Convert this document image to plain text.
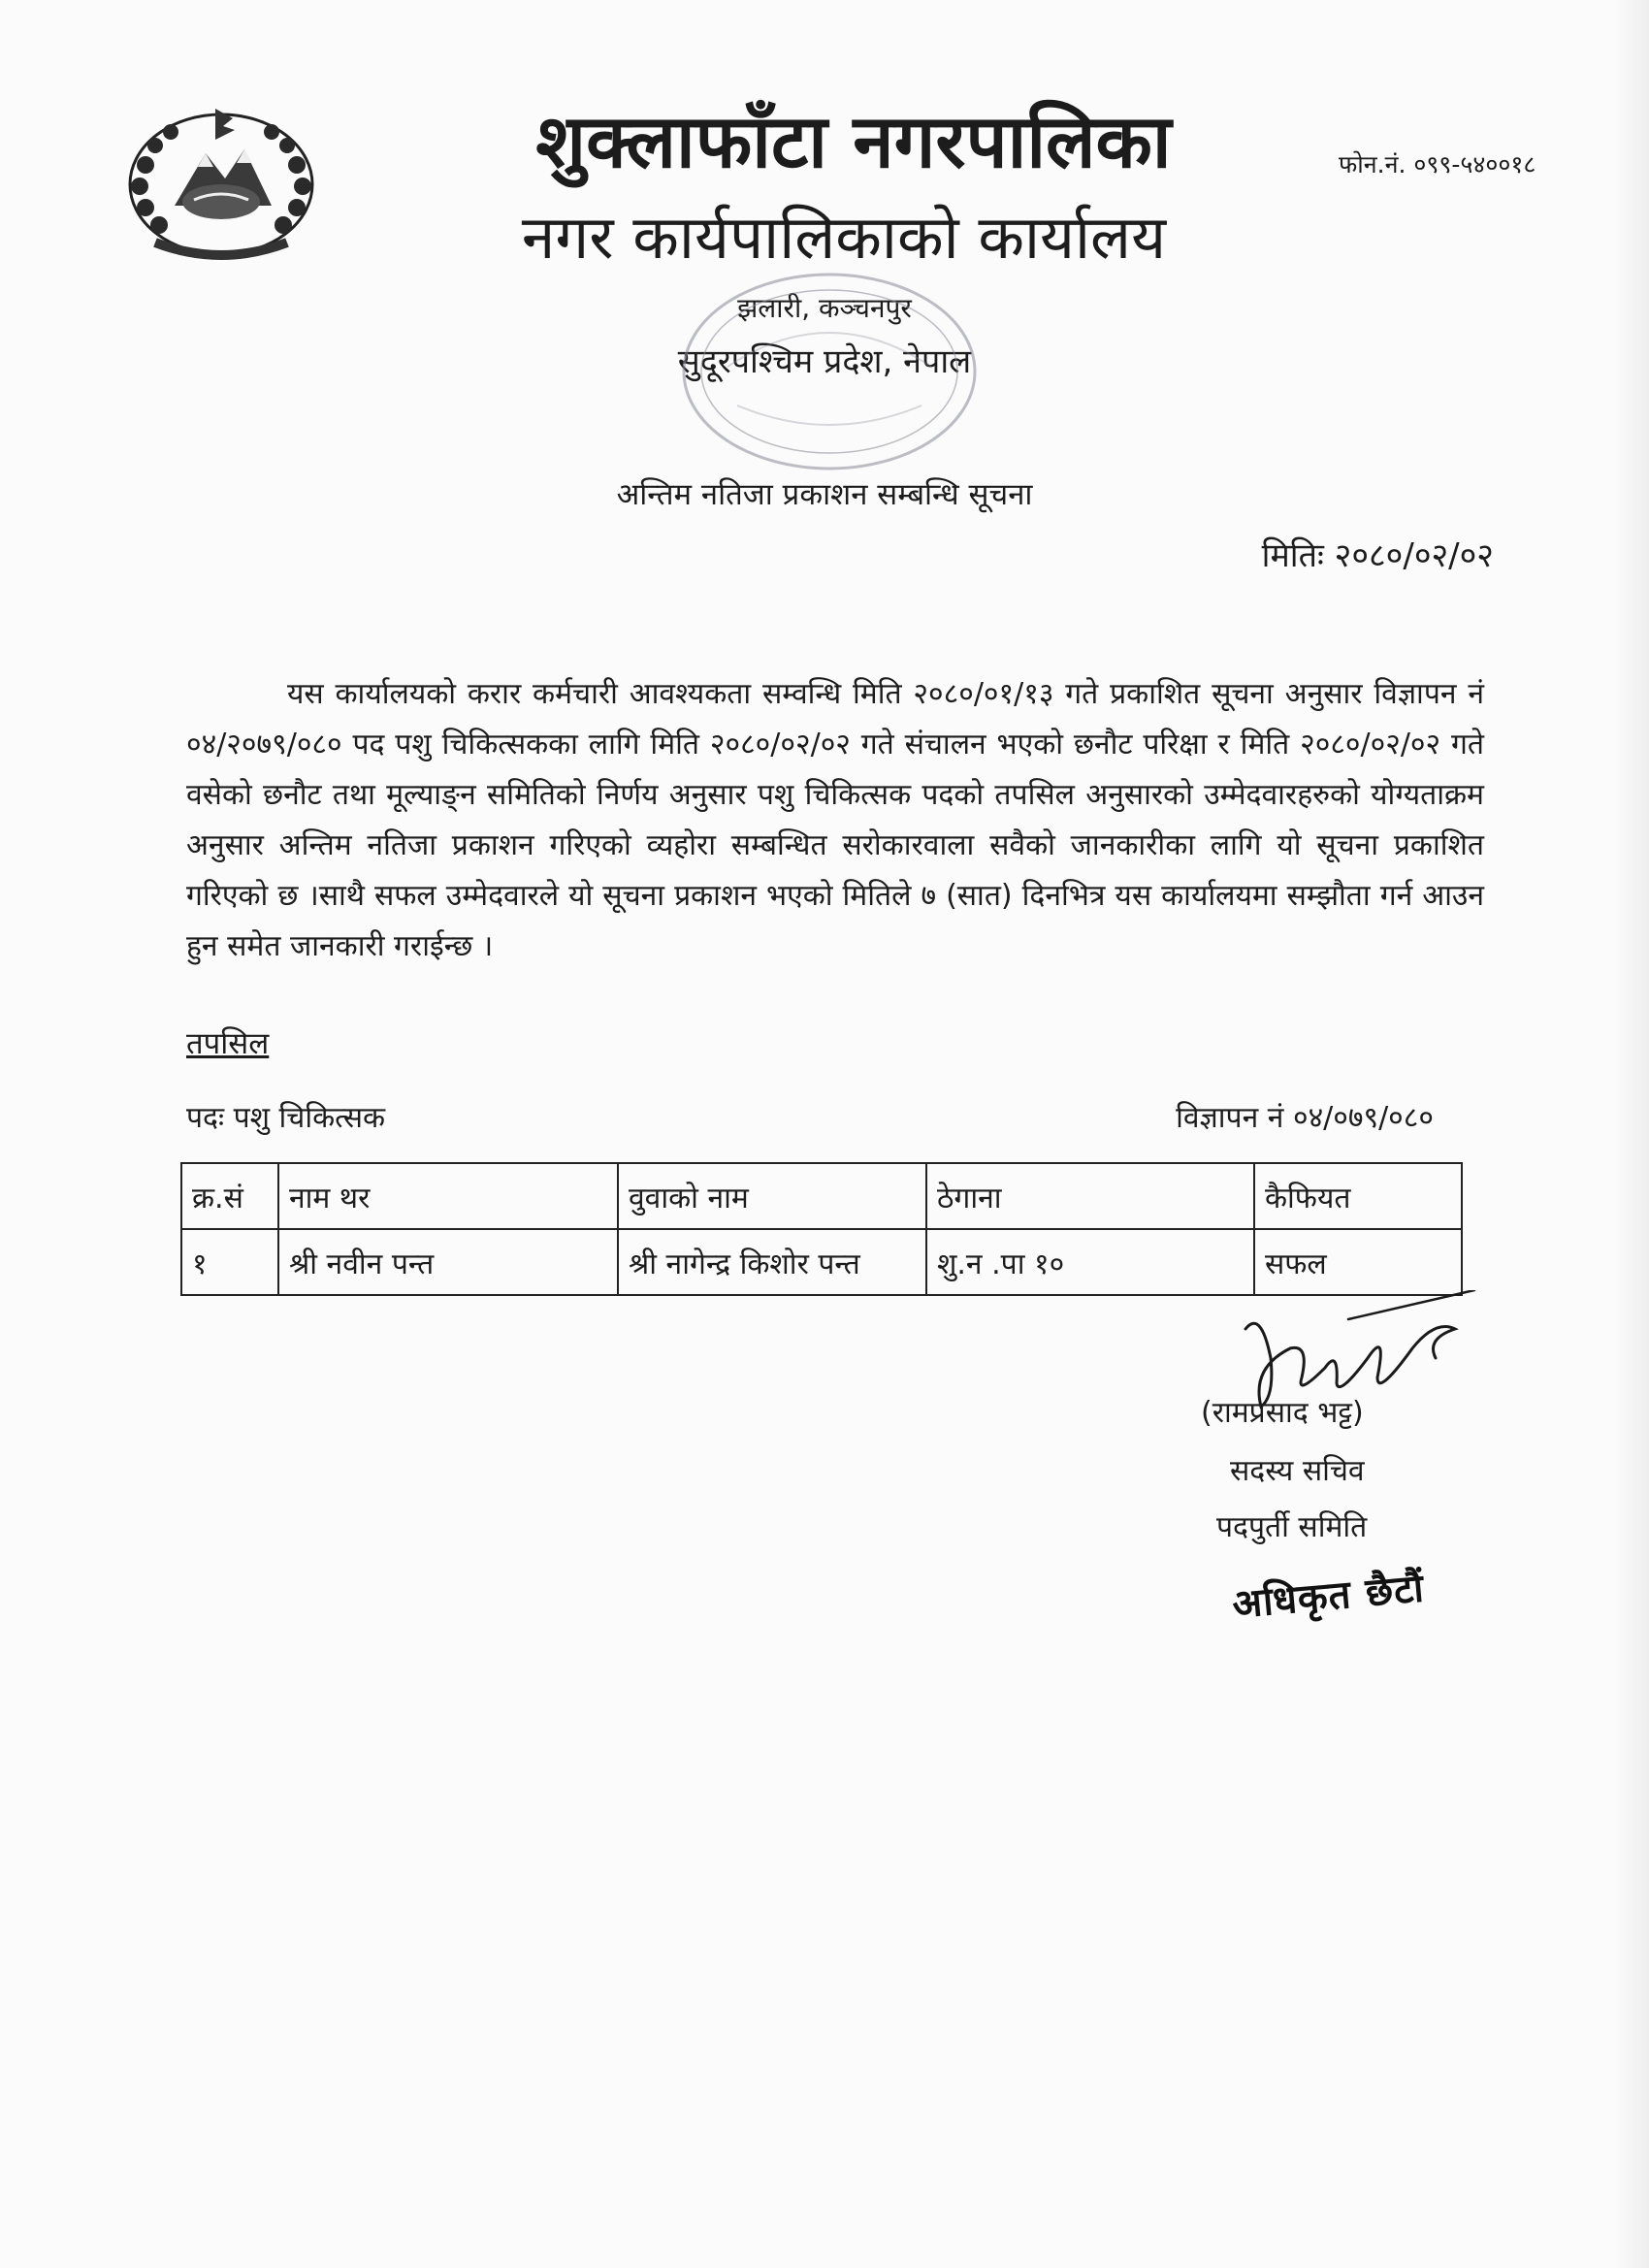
शुक्लाफाँटा नगरपालिका
नगर कार्यपालिकाको कार्यालय
फोन.नं. ०९९-५४००१८
झलारी, कञ्चनपुर
सुदूरपश्चिम प्रदेश, नेपाल
अन्तिम नतिजा प्रकाशन सम्बन्धि सूचना
मितिः २०८०/०२/०२

यस कार्यालयको करार कर्मचारी आवश्यकता सम्वन्धि मिति २०८०/०१/१३ गते प्रकाशित सूचना अनुसार विज्ञापन नं ०४/२०७९/०८० पद पशु चिकित्सकका लागि मिति २०८०/०२/०२ गते संचालन भएको छनौट परिक्षा र मिति २०८०/०२/०२ गते वसेको छनौट तथा मूल्याङ्न समितिको निर्णय अनुसार पशु चिकित्सक पदको तपसिल अनुसारको उम्मेदवारहरुको योग्यताक्रम अनुसार अन्तिम नतिजा प्रकाशन गरिएको व्यहोरा सम्बन्धित सरोकारवाला सवैको जानकारीका लागि यो सूचना प्रकाशित गरिएको छ ।साथै सफल उम्मेदवारले यो सूचना प्रकाशन भएको मितिले ७ (सात) दिनभित्र यस कार्यालयमा सम्झौता गर्न आउन हुन समेत जानकारी गराईन्छ ।

तपसिल
पदः पशु चिकित्सक	विज्ञापन नं ०४/०७९/०८०
क्र.सं	नाम थर	वुवाको नाम	ठेगाना	कैफियत
१	श्री नवीन पन्त	श्री नागेन्द्र किशोर पन्त	शु.न .पा १०	सफल
(रामप्रसाद भट्ट)
सदस्य सचिव
पदपुर्ती समिति
अधिकृत छैटौं
